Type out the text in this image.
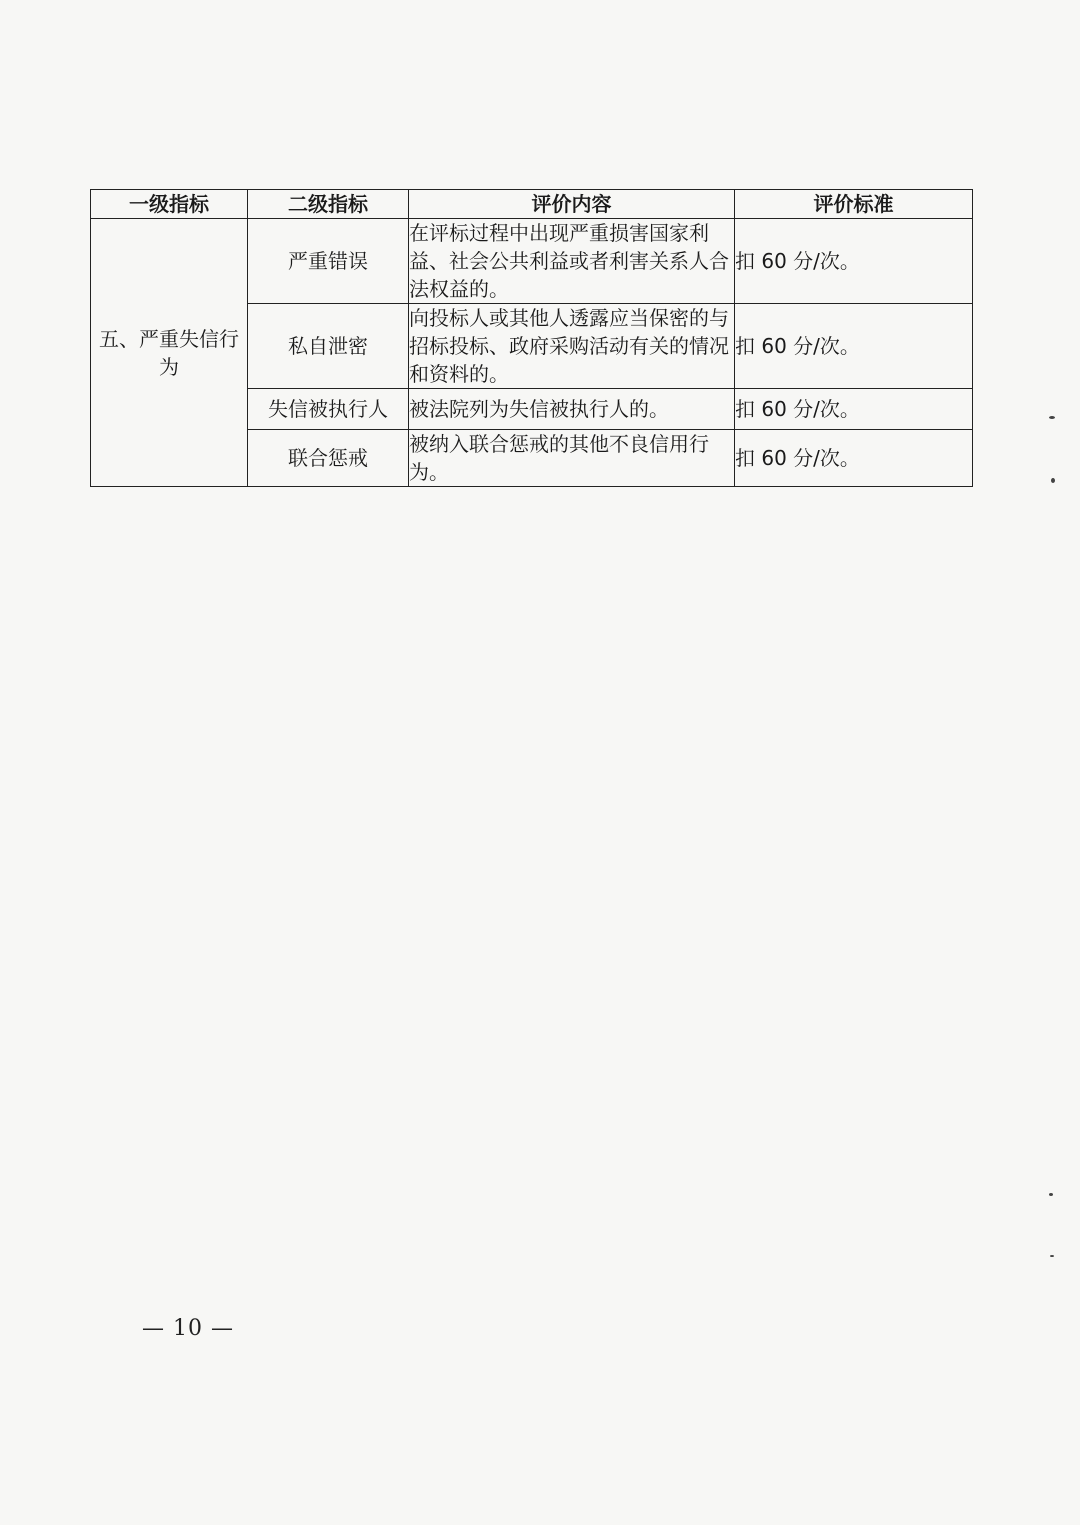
一级指标	二级指标	评价内容	评价标准
五、严重失信行为	严重错误	在评标过程中出现严重损害国家利益、社会公共利益或者利害关系人合法权益的。	扣 60 分/次。
	私自泄密	向投标人或其他人透露应当保密的与招标投标、政府采购活动有关的情况和资料的。	扣 60 分/次。
	失信被执行人	被法院列为失信被执行人的。	扣 60 分/次。
	联合惩戒	被纳入联合惩戒的其他不良信用行为。	扣 60 分/次。
— 10 —
